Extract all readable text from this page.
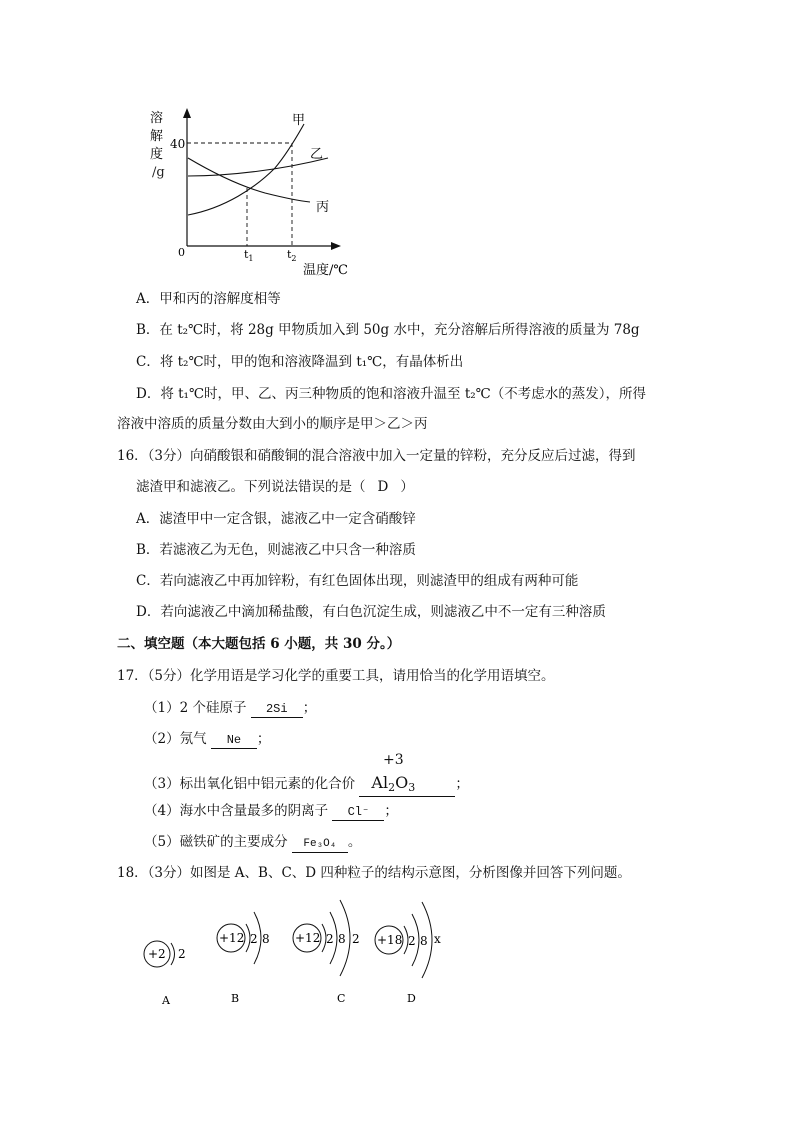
溶
解
度
/g
40
0	$t_1$	$t_2$
温度/℃
甲
乙
丙
A．甲和丙的溶解度相等
B．在 t₂℃时，将 28g 甲物质加入到 50g 水中，充分溶解后所得溶液的质量为 78g
C．将 t₂℃时，甲的饱和溶液降温到 t₁℃，有晶体析出
D．将 t₁℃时，甲、乙、丙三种物质的饱和溶液升温至 t₂℃（不考虑水的蒸发），所得
溶液中溶质的质量分数由大到小的顺序是甲＞乙＞丙
16．（3分）向硝酸银和硝酸铜的混合溶液中加入一定量的锌粉，充分反应后过滤，得到
滤渣甲和滤液乙。下列说法错误的是（ D ）
A．滤渣甲中一定含银，滤液乙中一定含硝酸锌
B．若滤液乙为无色，则滤液乙中只含一种溶质
C．若向滤液乙中再加锌粉，有红色固体出现，则滤渣甲的组成有两种可能
D．若向滤液乙中滴加稀盐酸，有白色沉淀生成，则滤液乙中不一定有三种溶质
二、填空题（本大题包括 6 小题，共 30 分。）
17．（5分）化学用语是学习化学的重要工具，请用恰当的化学用语填空。
（1）2 个硅原子 2Si ；
（2）氖气 Ne ；
+3
（3）标出氧化铝中铝元素的化合价 $Al_2O_3$	；
（4）海水中含量最多的阴离子 Cl⁻ ；
（5）磁铁矿的主要成分 Fe₃O₄ 。
18．（3分）如图是 A、B、C、D 四种粒子的结构示意图，分析图像并回答下列问题。
+2 2
A
+12 2 8
B
+12 2 8 2
C
+18 2 8 x
D
